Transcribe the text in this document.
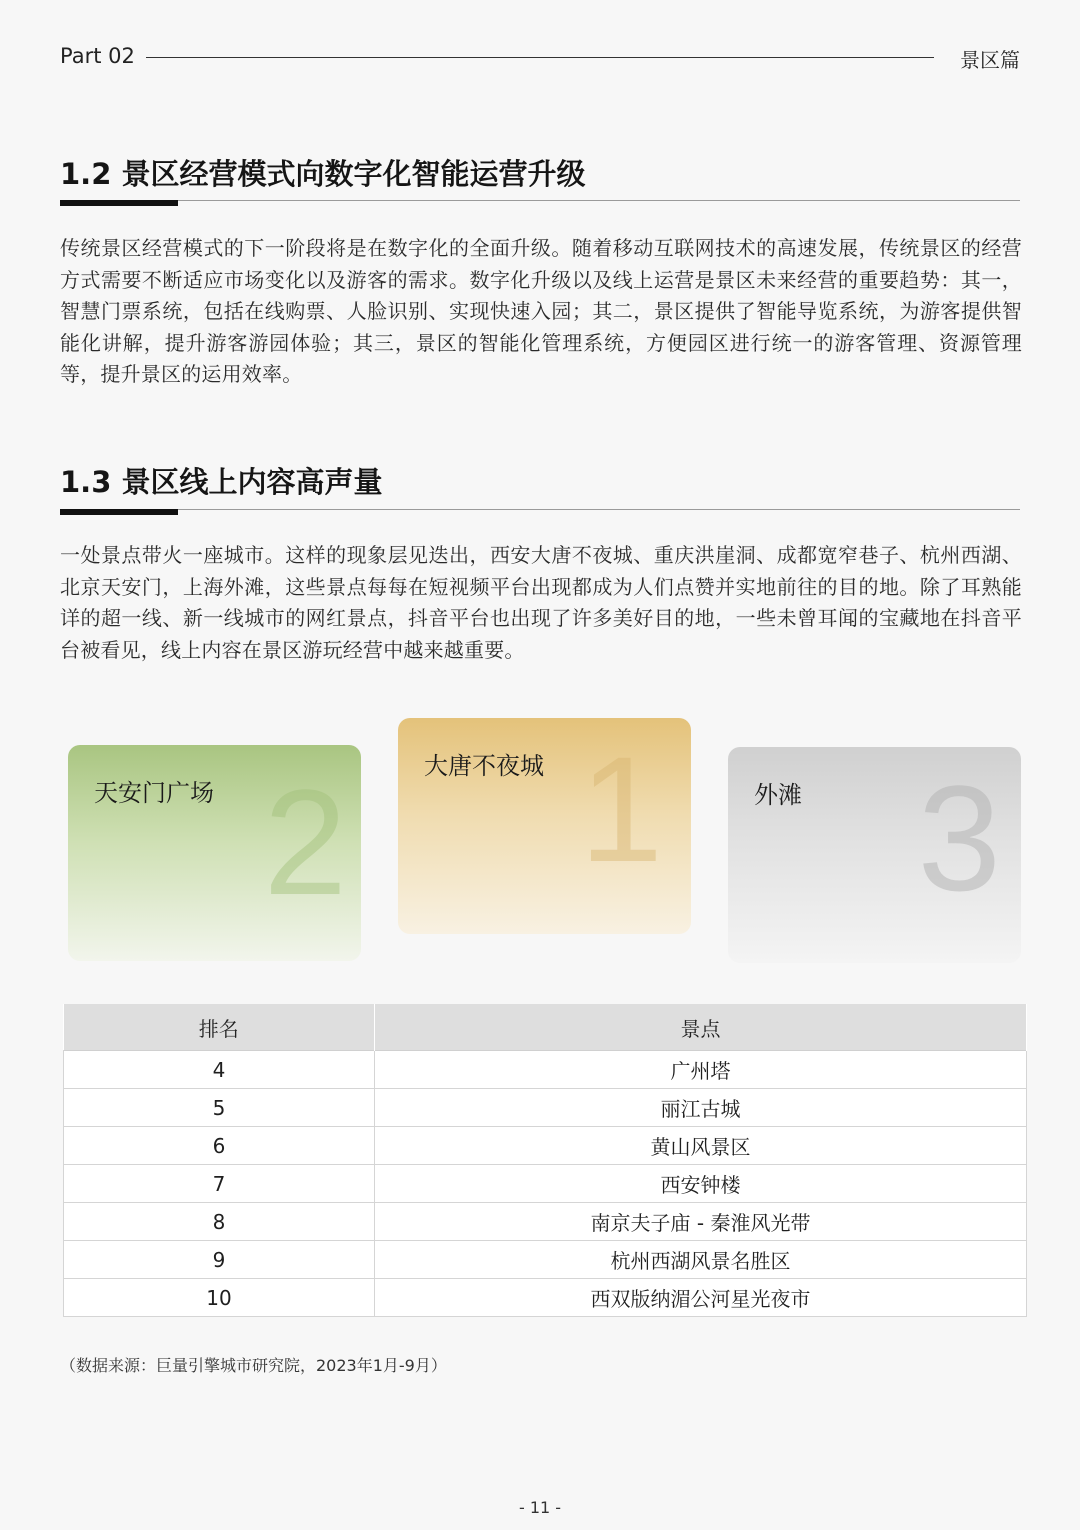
Part 02	景区篇
1.2 景区经营模式向数字化智能运营升级
传统景区经营模式的下一阶段将是在数字化的全面升级。随着移动互联网技术的高速发展，传统景区的经营方式需要不断适应市场变化以及游客的需求。数字化升级以及线上运营是景区未来经营的重要趋势：其一，智慧门票系统，包括在线购票、人脸识别、实现快速入园；其二，景区提供了智能导览系统，为游客提供智能化讲解，提升游客游园体验；其三，景区的智能化管理系统，方便园区进行统一的游客管理、资源管理等，提升景区的运用效率。
1.3 景区线上内容高声量
一处景点带火一座城市。这样的现象层见迭出，西安大唐不夜城、重庆洪崖洞、成都宽窄巷子、杭州西湖、北京天安门，上海外滩，这些景点每每在短视频平台出现都成为人们点赞并实地前往的目的地。除了耳熟能详的超一线、新一线城市的网红景点，抖音平台也出现了许多美好目的地，一些未曾耳闻的宝藏地在抖音平台被看见，线上内容在景区游玩经营中越来越重要。
2
天安门广场 1
大唐不夜城 3
外滩
排名	景点
4	广州塔
5	丽江古城
6	黄山风景区
7	西安钟楼
8	南京夫子庙 - 秦淮风光带
9	杭州西湖风景名胜区
10	西双版纳湄公河星光夜市
（数据来源：巨量引擎城市研究院，2023年1月-9月）
- 11 -
